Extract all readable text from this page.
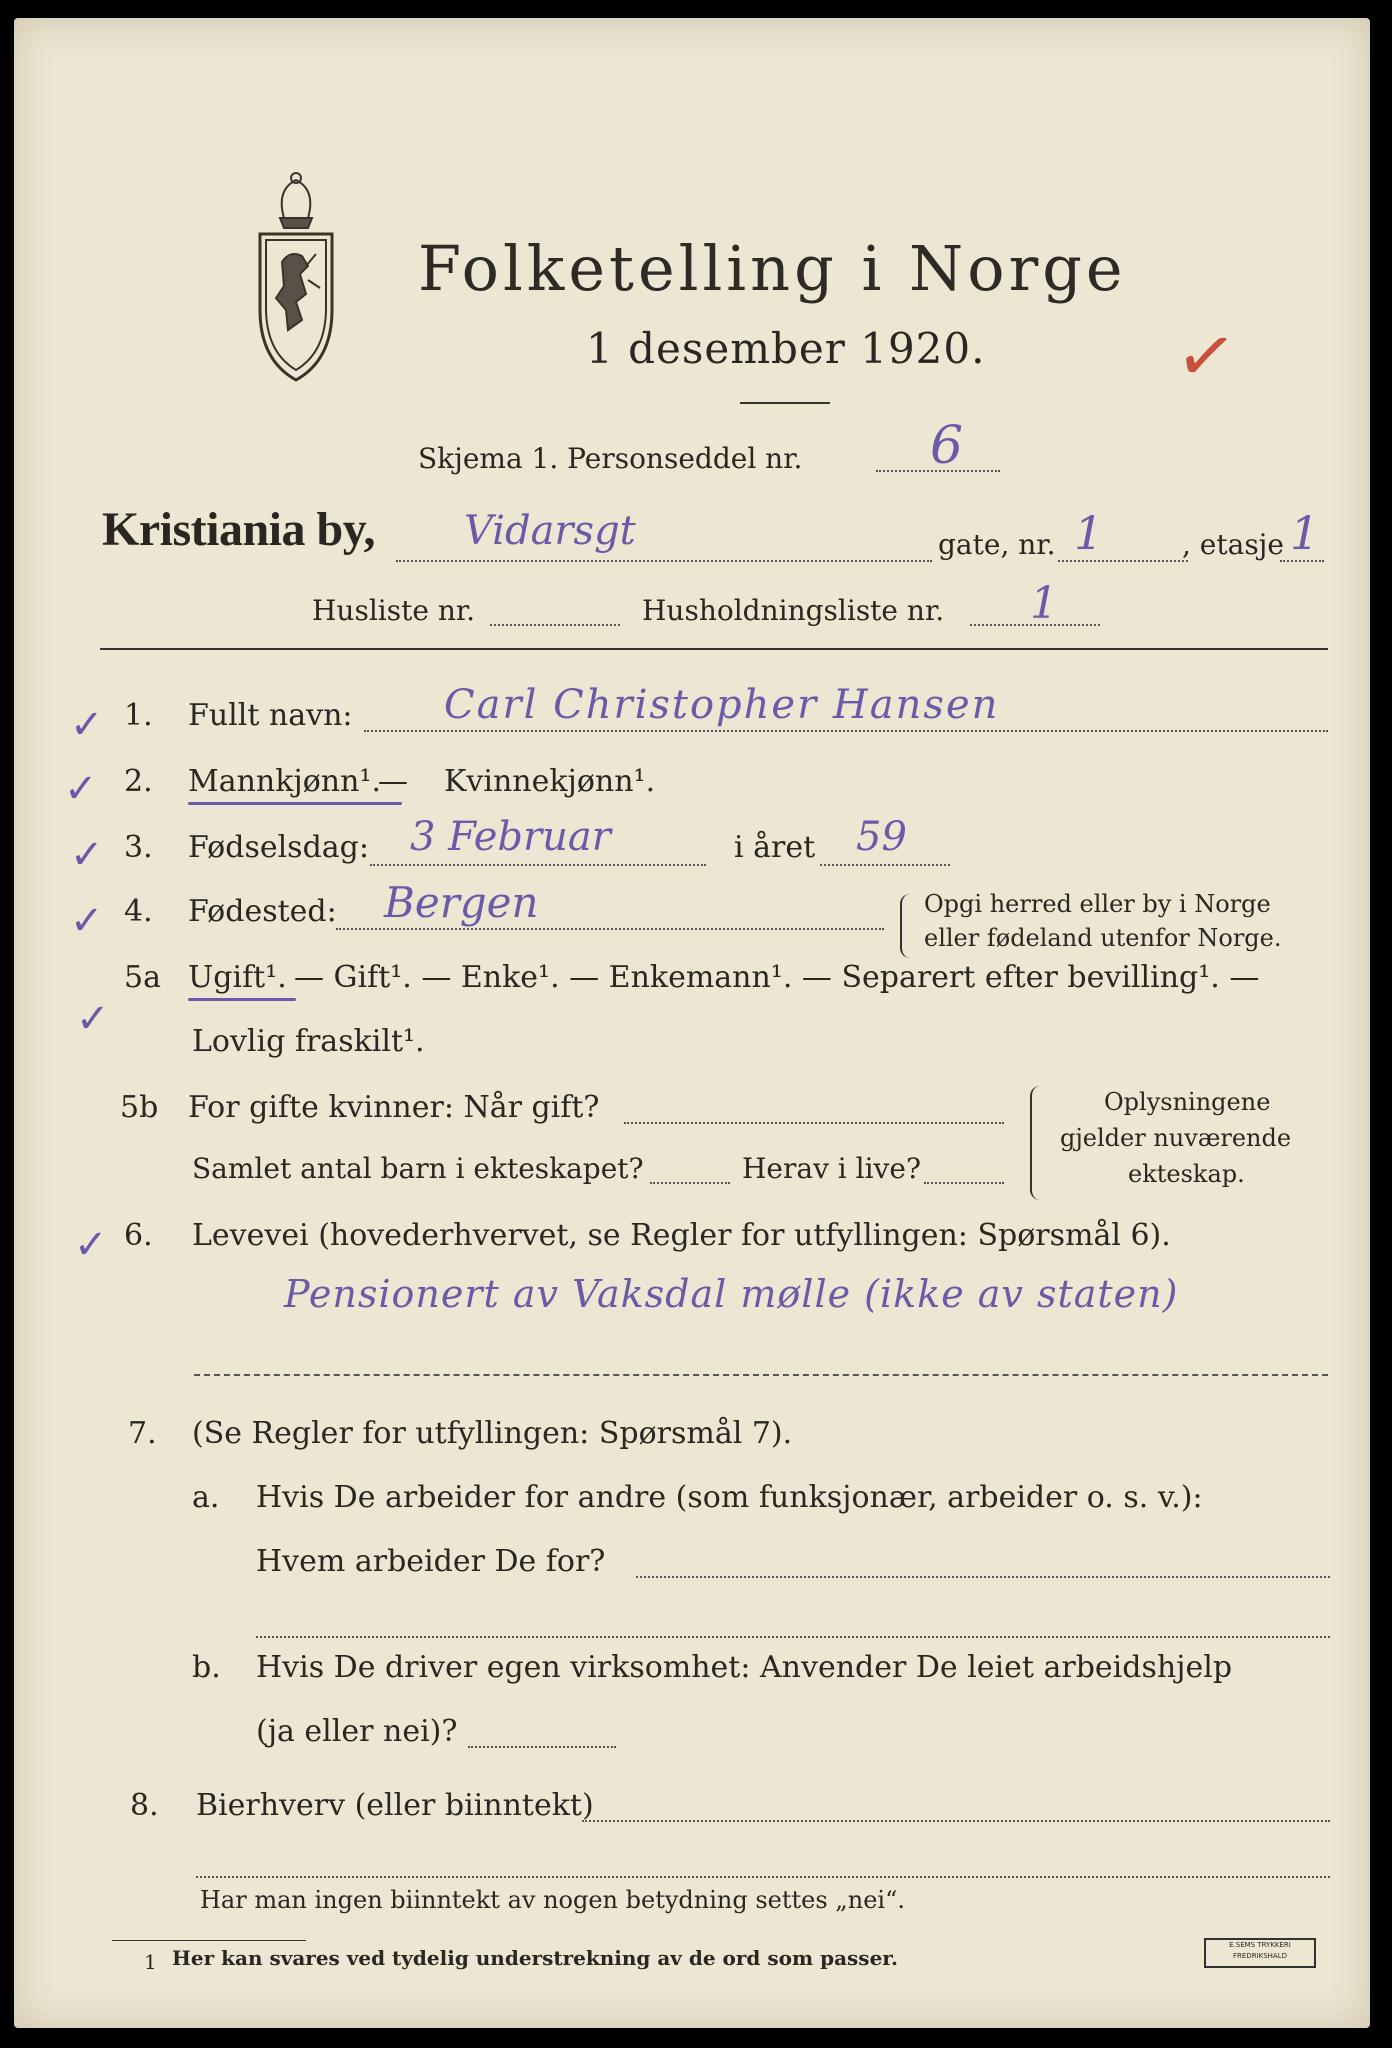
Folketelling i Norge
1 desember 1920.	✓
Skjema 1. Personseddel nr. 6
Kristiania by, Vidarsgt	gate, nr. 1	, etasje 1
Husliste nr.	Husholdningsliste nr. 1
✓
✓
✓
✓
✓
✓
1. Fullt navn: Carl Christopher Hansen
2. Mannkjønn¹.
— Kvinnekjønn¹.
3. Fødselsdag: 3 Februar	i året 59
4. Fødested: Bergen	Opgi herred eller by i Norge
eller fødeland utenfor Norge.
5a Ugift¹. — Gift¹. — Enke¹. — Enkemann¹. — Separert efter bevilling¹. —
Lovlig fraskilt¹.
5b For gifte kvinner: Når gift?
Samlet antal barn i ekteskapet?	Herav i live?
Oplysningene
gjelder nuværende
ekteskap.
6. Levevei (hovederhvervet, se Regler for utfyllingen: Spørsmål 6).
Pensionert av Vaksdal mølle (ikke av staten)
7. (Se Regler for utfyllingen: Spørsmål 7).
a. Hvis De arbeider for andre (som funksjonær, arbeider o. s. v.):
Hvem arbeider De for?
b. Hvis De driver egen virksomhet: Anvender De leiet arbeidshjelp
(ja eller nei)?
8. Bierhverv (eller biinntekt)
Har man ingen biinntekt av nogen betydning settes „nei“.
1 Her kan svares ved tydelig understrekning av de ord som passer.
E.SEMS TRYKKERI
FREDRIKSHALD
